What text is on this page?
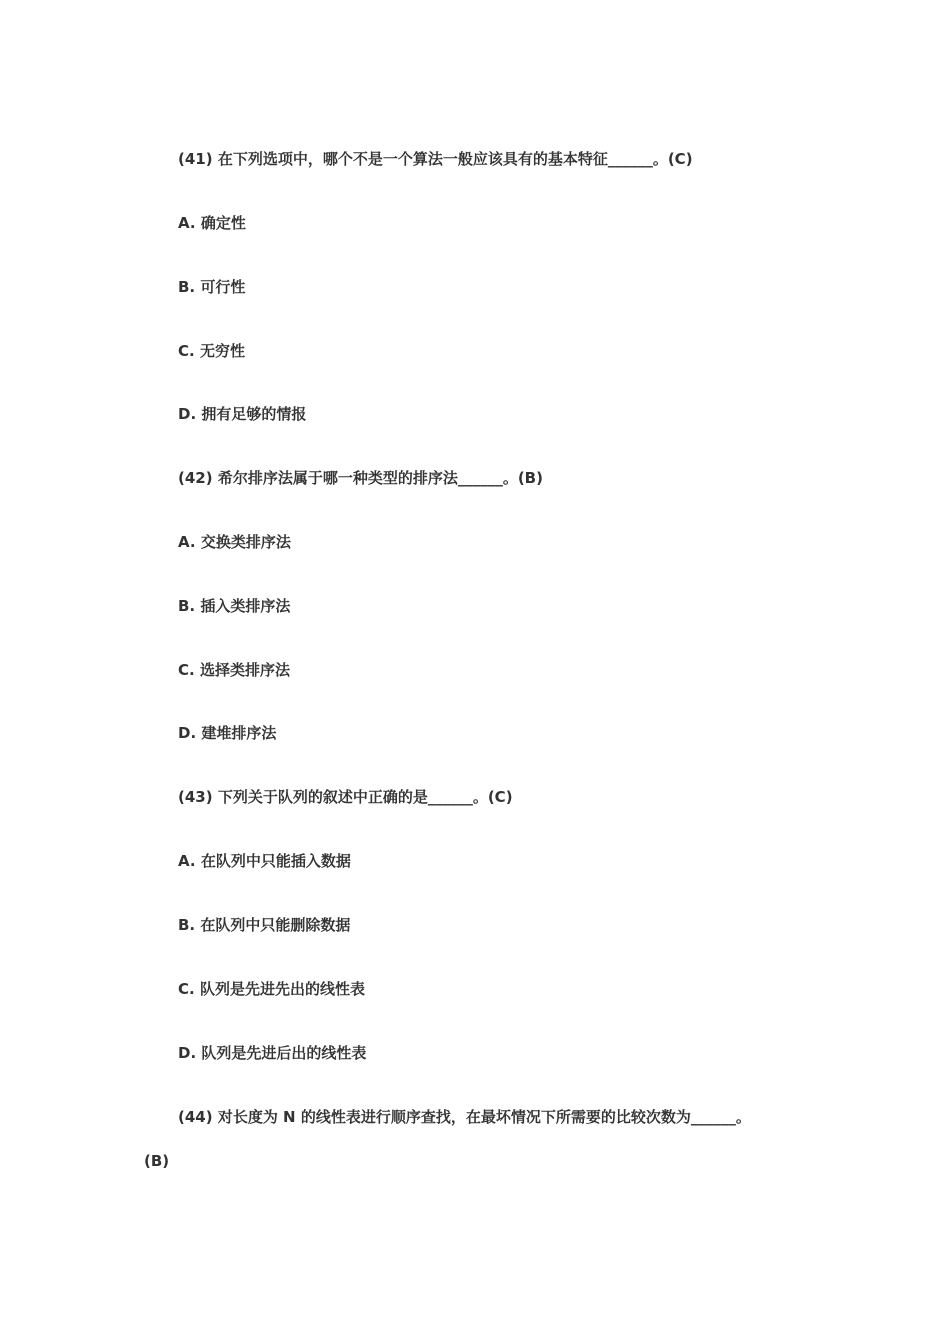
(41) 在下列选项中，哪个不是一个算法一般应该具有的基本特征______。(C)
A. 确定性
B. 可行性
C. 无穷性
D. 拥有足够的情报
(42) 希尔排序法属于哪一种类型的排序法______。(B)
A. 交换类排序法
B. 插入类排序法
C. 选择类排序法
D. 建堆排序法
(43) 下列关于队列的叙述中正确的是______。(C)
A. 在队列中只能插入数据
B. 在队列中只能删除数据
C. 队列是先进先出的线性表
D. 队列是先进后出的线性表
(44) 对长度为 N 的线性表进行顺序查找，在最坏情况下所需要的比较次数为______。
(B)
